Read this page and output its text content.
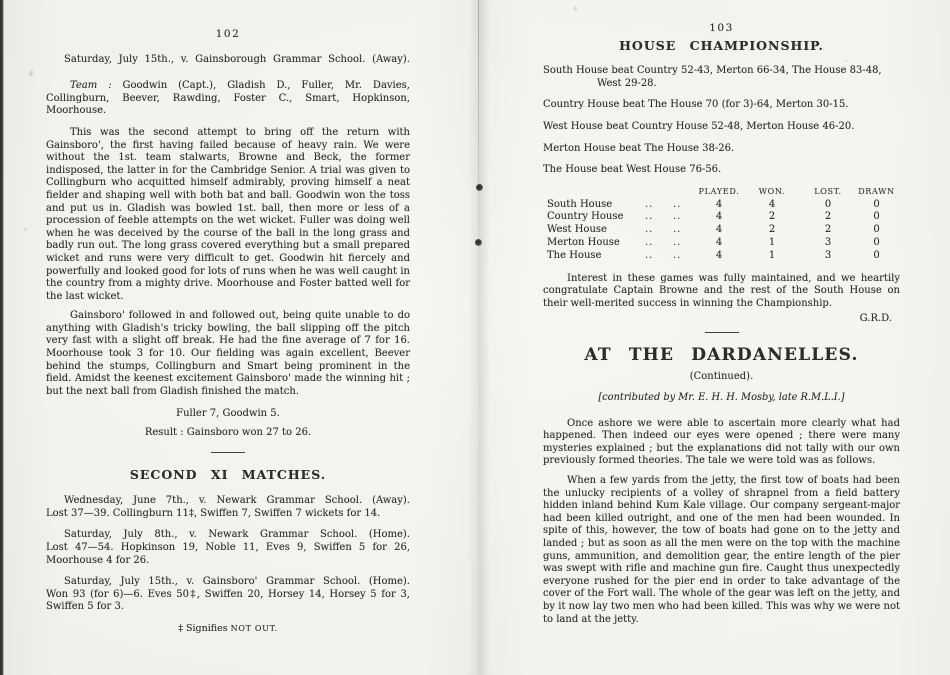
102
Saturday, July 15th., v. Gainsborough Grammar School. (Away).
Team : Goodwin (Capt.), Gladish D., Fuller, Mr. Davies, Collingburn, Beever, Rawding, Foster C., Smart, Hopkinson, Moorhouse.
This was the second attempt to bring off the return with Gainsboro', the first having failed because of heavy rain. We were without the 1st. team stalwarts, Browne and Beck, the former indisposed, the latter in for the Cambridge Senior. A trial was given to Collingburn who acquitted himself admirably, proving himself a neat fielder and shaping well with both bat and ball. Goodwin won the toss and put us in. Gladish was bowled 1st. ball, then more or less of a procession of feeble attempts on the wet wicket. Fuller was doing well when he was deceived by the course of the ball in the long grass and badly run out. The long grass covered everything but a small prepared wicket and runs were very difficult to get. Goodwin hit fiercely and powerfully and looked good for lots of runs when he was well caught in the country from a mighty drive. Moorhouse and Foster batted well for the last wicket.
Gainsboro' followed in and followed out, being quite unable to do anything with Gladish's tricky bowling, the ball slipping off the pitch very fast with a slight off break. He had the fine average of 7 for 16. Moorhouse took 3 for 10. Our fielding was again excellent, Beever behind the stumps, Collingburn and Smart being prominent in the field. Amidst the keenest excitement Gainsboro' made the winning hit ; but the next ball from Gladish finished the match.
Fuller 7, Goodwin 5.
Result : Gainsboro won 27 to 26.
SECOND XI MATCHES.
Wednesday, June 7th., v. Newark Grammar School. (Away).
Lost 37—39. Collingburn 11‡, Swiffen 7, Swiffen 7 wickets for 14.
Saturday, July 8th., v. Newark Grammar School. (Home).
Lost 47—54. Hopkinson 19, Noble 11, Eves 9, Swiffen 5 for 26, Moorhouse 4 for 26.
Saturday, July 15th., v. Gainsboro' Grammar School. (Home).
Won 93 (for 6)—6. Eves 50‡, Swiffen 20, Horsey 14, Horsey 5 for 3, Swiffen 5 for 3.
‡ Signifies NOT OUT.
103
HOUSE CHAMPIONSHIP.
South House beat Country 52-43, Merton 66-34, The House 83-48, West 29-28.
Country House beat The House 70 (for 3)-64, Merton 30-15.
West House beat Country House 52-48, Merton House 46-20.
Merton House beat The House 38-26.
The House beat West House 76-56.
PLAYED.	WON.	LOST.	DRAWN
South House	..	..	4	4	0	0
Country House	..	..	4	2	2	0
West House	..	..	4	2	2	0
Merton House	..	..	4	1	3	0
The House	..	..	4	1	3	0
Interest in these games was fully maintained, and we heartily congratulate Captain Browne and the rest of the South House on their well-merited success in winning the Championship.
G.R.D.
AT THE DARDANELLES.
(Continued).
[contributed by Mr. E. H. H. Mosby, late R.M.L.I.]
Once ashore we were able to ascertain more clearly what had happened. Then indeed our eyes were opened ; there were many mysteries explained ; but the explanations did not tally with our own previously formed theories. The tale we were told was as follows.
When a few yards from the jetty, the first tow of boats had been the unlucky recipients of a volley of shrapnel from a field battery hidden inland behind Kum Kale village. Our company sergeant-major had been killed outright, and one of the men had been wounded. In spite of this, however, the tow of boats had gone on to the jetty and landed ; but as soon as all the men were on the top with the machine guns, ammunition, and demolition gear, the entire length of the pier was swept with rifle and machine gun fire. Caught thus unexpectedly everyone rushed for the pier end in order to take advantage of the cover of the Fort wall. The whole of the gear was left on the jetty, and by it now lay two men who had been killed. This was why we were not to land at the jetty.
